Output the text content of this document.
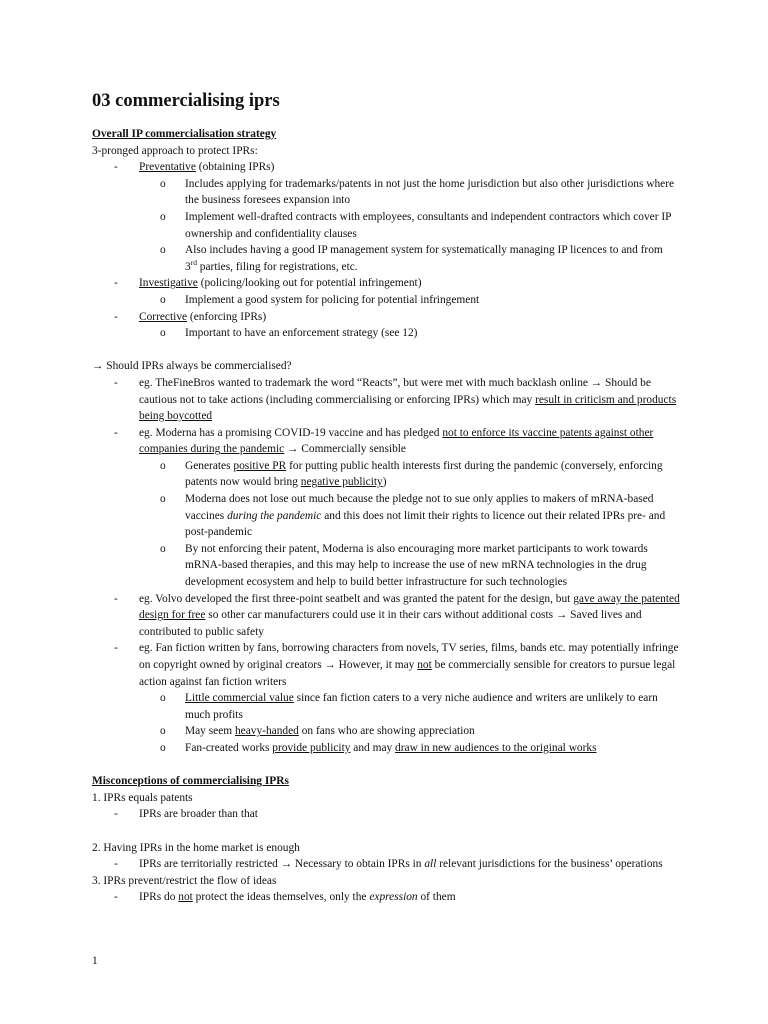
03 commercialising iprs
Overall IP commercialisation strategy
3-pronged approach to protect IPRs:
- Preventative (obtaining IPRs)
o Includes applying for trademarks/patents in not just the home jurisdiction but also other jurisdictions where the business foresees expansion into
o Implement well-drafted contracts with employees, consultants and independent contractors which cover IP ownership and confidentiality clauses
o Also includes having a good IP management system for systematically managing IP licences to and from 3rd parties, filing for registrations, etc.
- Investigative (policing/looking out for potential infringement)
o Implement a good system for policing for potential infringement
- Corrective (enforcing IPRs)
o Important to have an enforcement strategy (see 12)
→ Should IPRs always be commercialised?
- eg. TheFineBros wanted to trademark the word “Reacts”, but were met with much backlash online → Should be cautious not to take actions (including commercialising or enforcing IPRs) which may result in criticism and products being boycotted
- eg. Moderna has a promising COVID-19 vaccine and has pledged not to enforce its vaccine patents against other companies during the pandemic → Commercially sensible
o Generates positive PR for putting public health interests first during the pandemic (conversely, enforcing patents now would bring negative publicity)
o Moderna does not lose out much because the pledge not to sue only applies to makers of mRNA-based vaccines during the pandemic and this does not limit their rights to licence out their related IPRs pre- and post-pandemic
o By not enforcing their patent, Moderna is also encouraging more market participants to work towards mRNA-based therapies, and this may help to increase the use of new mRNA technologies in the drug development ecosystem and help to build better infrastructure for such technologies
- eg. Volvo developed the first three-point seatbelt and was granted the patent for the design, but gave away the patented design for free so other car manufacturers could use it in their cars without additional costs → Saved lives and contributed to public safety
- eg. Fan fiction written by fans, borrowing characters from novels, TV series, films, bands etc. may potentially infringe on copyright owned by original creators → However, it may not be commercially sensible for creators to pursue legal action against fan fiction writers
o Little commercial value since fan fiction caters to a very niche audience and writers are unlikely to earn much profits
o May seem heavy-handed on fans who are showing appreciation
o Fan-created works provide publicity and may draw in new audiences to the original works
Misconceptions of commercialising IPRs
1. IPRs equals patents
- IPRs are broader than that
2. Having IPRs in the home market is enough
- IPRs are territorially restricted → Necessary to obtain IPRs in all relevant jurisdictions for the business’ operations
3. IPRs prevent/restrict the flow of ideas
- IPRs do not protect the ideas themselves, only the expression of them
1
